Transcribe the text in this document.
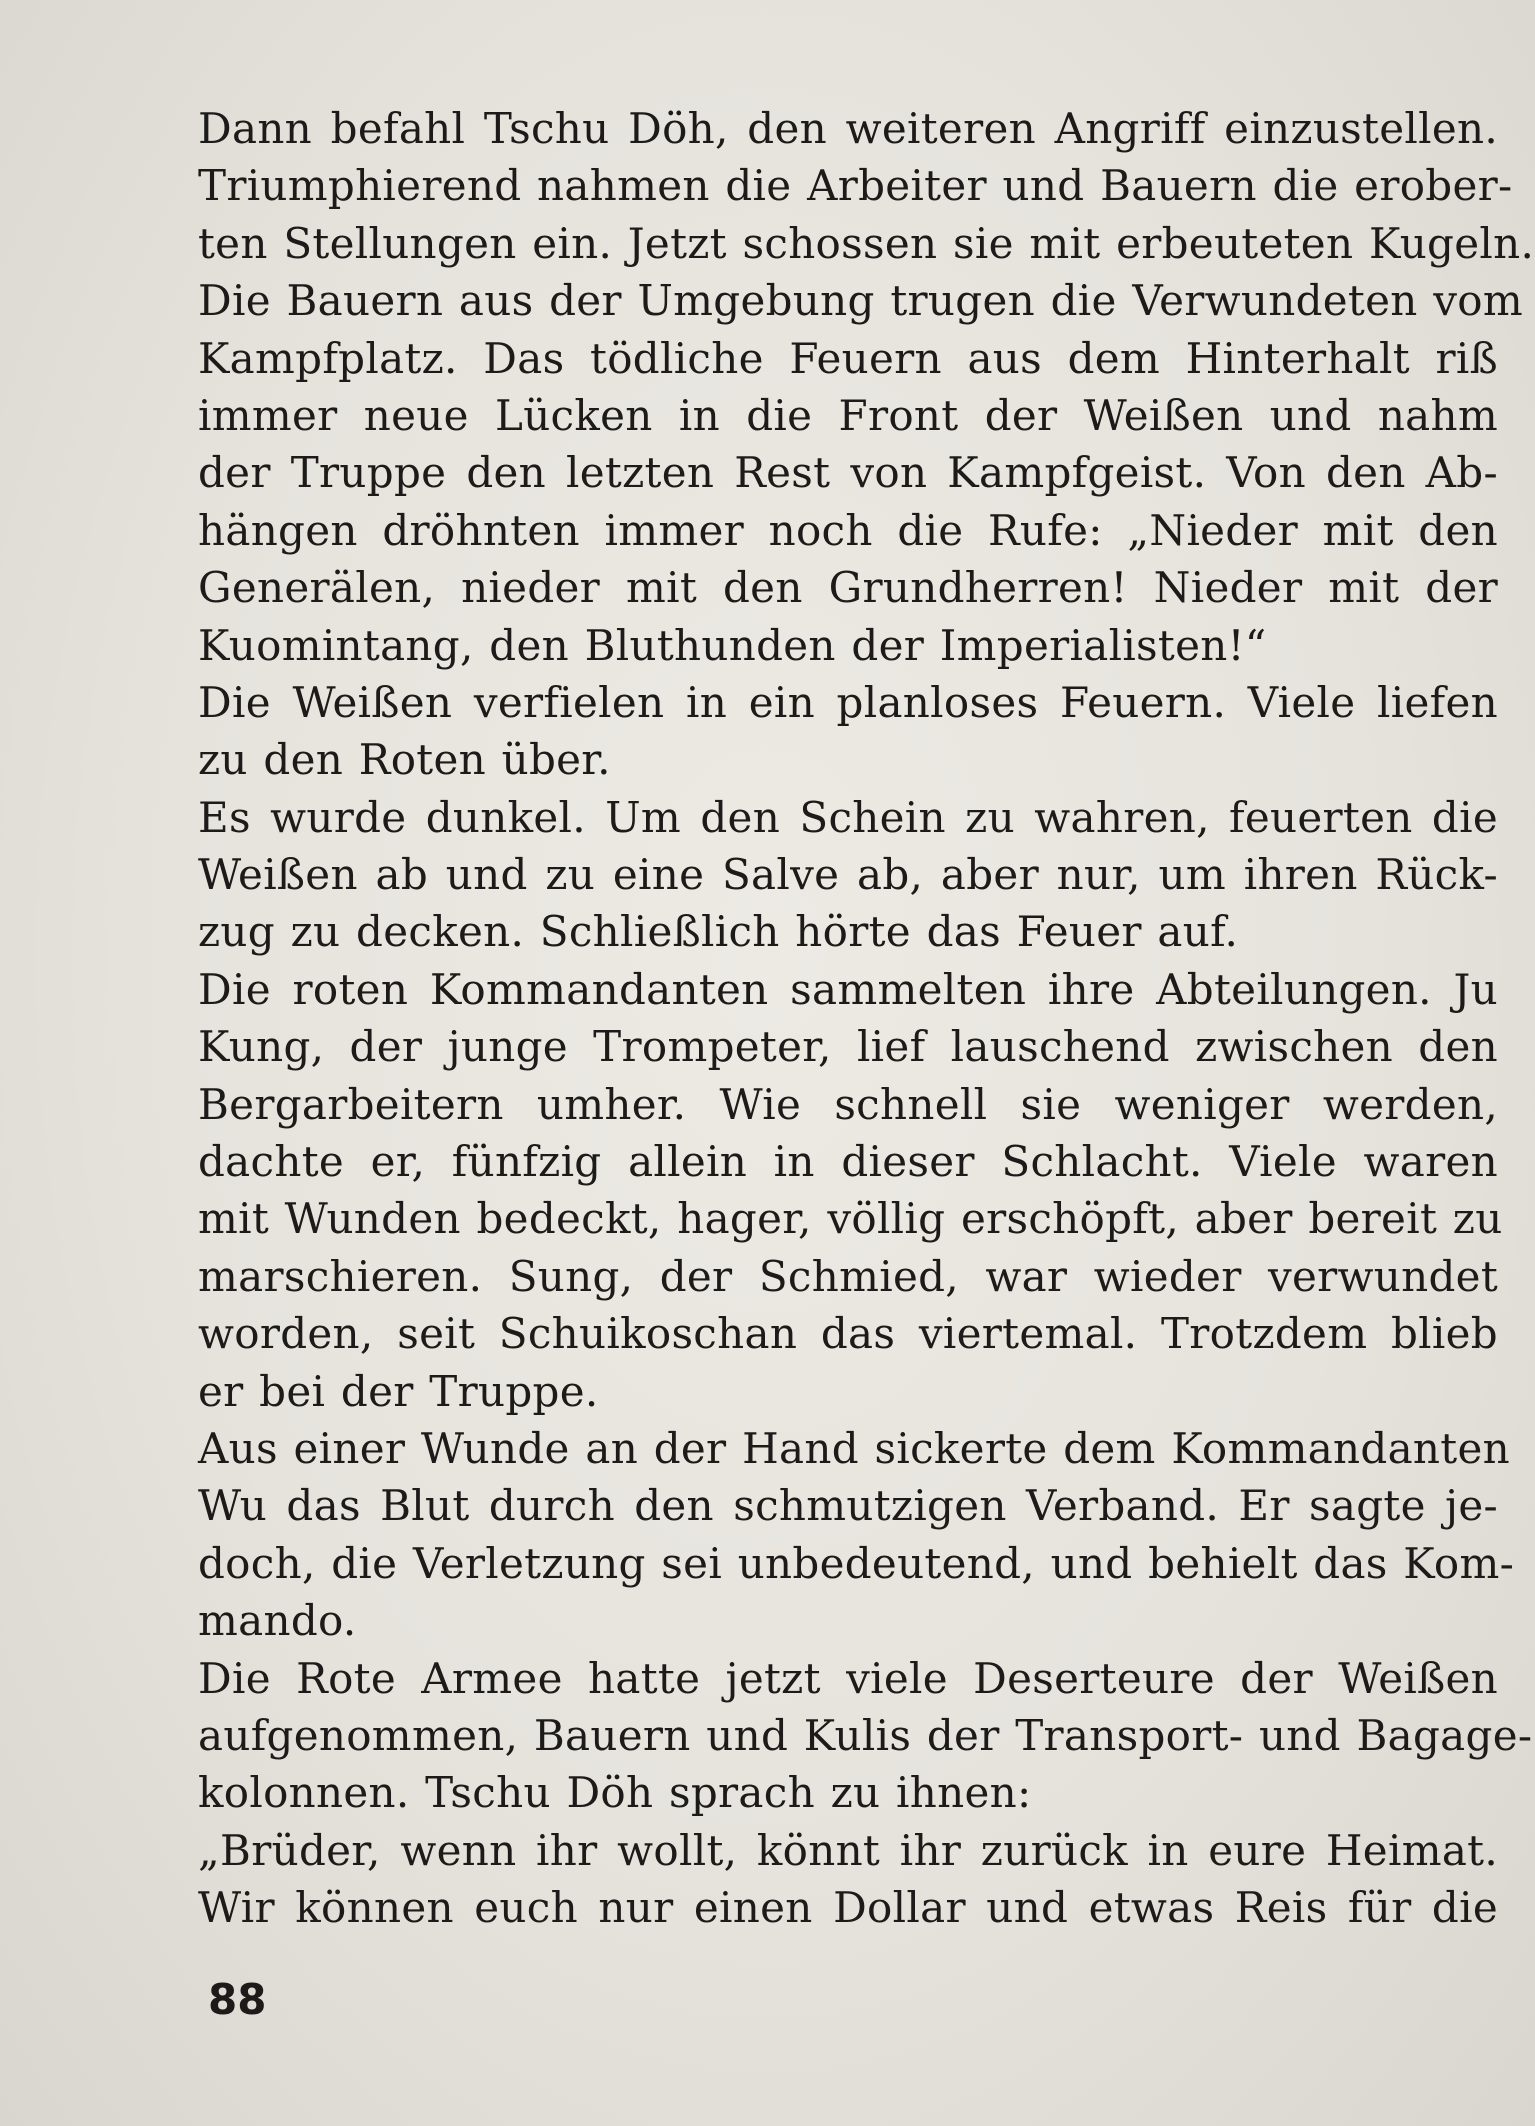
Dann befahl Tschu Döh, den weiteren Angriff einzustellen.
Triumphierend nahmen die Arbeiter und Bauern die erober-
ten Stellungen ein. Jetzt schossen sie mit erbeuteten Kugeln.
Die Bauern aus der Umgebung trugen die Verwundeten vom
Kampfplatz. Das tödliche Feuern aus dem Hinterhalt riß
immer neue Lücken in die Front der Weißen und nahm
der Truppe den letzten Rest von Kampfgeist. Von den Ab-
hängen dröhnten immer noch die Rufe: „Nieder mit den
Generälen, nieder mit den Grundherren! Nieder mit der
Kuomintang, den Bluthunden der Imperialisten!“
Die Weißen verfielen in ein planloses Feuern. Viele liefen
zu den Roten über.
Es wurde dunkel. Um den Schein zu wahren, feuerten die
Weißen ab und zu eine Salve ab, aber nur, um ihren Rück-
zug zu decken. Schließlich hörte das Feuer auf.
Die roten Kommandanten sammelten ihre Abteilungen. Ju
Kung, der junge Trompeter, lief lauschend zwischen den
Bergarbeitern umher. Wie schnell sie weniger werden,
dachte er, fünfzig allein in dieser Schlacht. Viele waren
mit Wunden bedeckt, hager, völlig erschöpft, aber bereit zu
marschieren. Sung, der Schmied, war wieder verwundet
worden, seit Schuikoschan das viertemal. Trotzdem blieb
er bei der Truppe.
Aus einer Wunde an der Hand sickerte dem Kommandanten
Wu das Blut durch den schmutzigen Verband. Er sagte je-
doch, die Verletzung sei unbedeutend, und behielt das Kom-
mando.
Die Rote Armee hatte jetzt viele Deserteure der Weißen
aufgenommen, Bauern und Kulis der Transport- und Bagage-
kolonnen. Tschu Döh sprach zu ihnen:
„Brüder, wenn ihr wollt, könnt ihr zurück in eure Heimat.
Wir können euch nur einen Dollar und etwas Reis für die
88
